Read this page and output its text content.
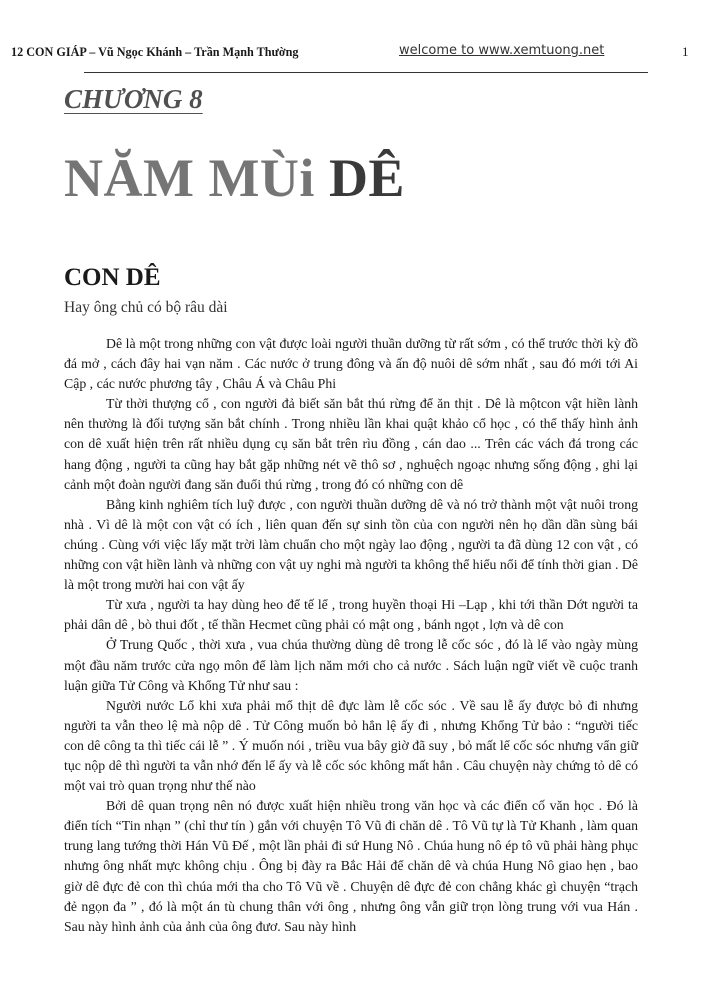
12 CON GIÁP – Vũ Ngọc Khánh – Trần Mạnh Thường	welcome to www.xemtuong.net	1
CHƯƠNG 8
NĂM MÙi DÊ
CON DÊ
Hay ông chủ có bộ râu dài

Dê là một trong những con vật được loài người thuần dưỡng từ rất sớm , có thể trước thời kỳ đồ đá mở , cách đây hai vạn năm . Các nước ở trung đông và ấn độ nuôi dê sớm nhất , sau đó mới tới Ai Cập , các nước phương tây , Châu Á và Châu Phi

Từ thời thượng cổ , con người đả biết săn bắt thú rừng để ăn thịt . Dê là mộtcon vật hiền lành nên thường là đối tượng săn bắt chính . Trong nhiều lần khai quật khảo cổ học , có thể thấy hình ảnh con dê xuất hiện trên rất nhiều dụng cụ săn bắt trên rìu đồng , cán dao ... Trên các vách đá trong các hang động , người ta cũng hay bắt gặp những nét vẽ thô sơ , nghuệch ngoạc nhưng sống động , ghi lại cảnh một đoàn người đang săn đuổi thú rừng , trong đó có những con dê

Bằng kinh nghiêm tích luỹ được , con người thuần dưỡng dê và nó trở thành một vật nuôi trong nhà . Vì dê là một con vật có ích , liên quan đến sự sinh tồn của con người nên họ dần dần sùng bái chúng . Cùng với việc lấy mặt trời làm chuẩn cho một ngày lao động , người ta đã dùng 12 con vật , có những con vật hiền lành và những con vật uy nghi mà người ta không thể hiểu nổi để tính thời gian . Dê là một trong mười hai con vật ấy

Từ xưa , người ta hay dùng heo để tế lể , trong huyền thoại Hi –Lạp , khi tới thần Dớt người ta phải dân dê , bò thui đốt , tế thần Hecmet cũng phải có mật ong , bánh ngọt , lợn và dê con

Ở Trung Quốc , thời xưa , vua chúa thường dùng dê trong lễ cốc sóc , đó là lể vào ngày mùng một đầu năm trước cửa ngọ môn để làm lịch năm mới cho cả nước . Sách luận ngữ viết về cuộc tranh luận giữa Tử Công và Khổng Tử như sau :

Người nước Lổ khi xưa phải mổ thịt dê đực làm lễ cốc sóc . Về sau lễ ấy được bỏ đi nhưng người ta vẫn theo lệ mà nộp dê . Tử Công muốn bỏ hẳn lệ ấy đi , nhưng Khổng Tử bảo : “người tiếc con dê công ta thì tiếc cái lễ ” . Ý muốn nói , triều vua bây giờ đã suy , bỏ mất lể cốc sóc nhưng vẩn giữ tục nộp dê thì người ta vẫn nhớ đến lể ấy và lễ cốc sóc không mất hẳn . Câu chuyện này chứng tỏ dê có một vai trò quan trọng như thế nào

Bởi dê quan trọng nên nó được xuất hiện nhiều trong văn học và các điển cố văn học . Đó là điển tích “Tin nhạn ” (chỉ thư tín ) gắn với chuyện Tô Vũ đi chăn dê . Tô Vũ tự là Tử Khanh , làm quan trung lang tướng thời Hán Vũ Đế , một lần phải đi sứ Hung Nô . Chúa hung nô ép tô vũ phải hàng phục nhưng ông nhất mực không chịu . Ông bị đày ra Bắc Hải để chăn dê và chúa Hung Nô giao hẹn , bao giờ dê đực đẻ con thì chúa mới tha cho Tô Vũ về . Chuyện dê đực đẻ con chẳng khác gì chuyện “trạch đẻ ngọn đa ” , đó là một án tù chung thân với ông , nhưng ông vẫn giữ trọn lòng trung với vua Hán . Sau này hình ảnh của ảnh của ông đươ. Sau này hình
